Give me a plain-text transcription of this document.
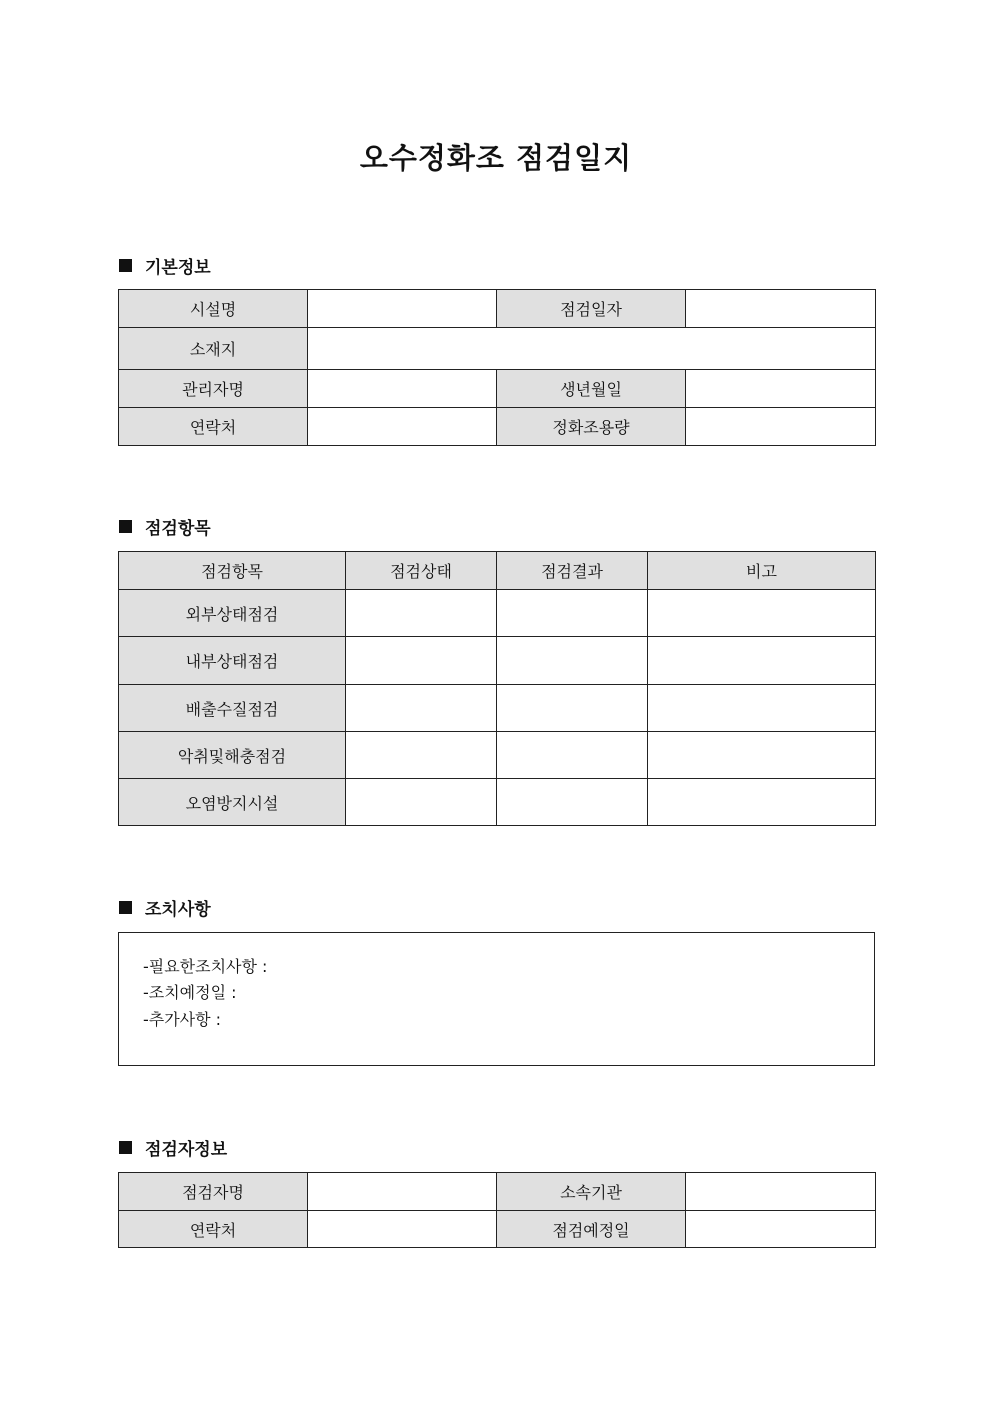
오수정화조 점검일지
기본정보
시설명		점검일자	
소재지			
관리자명		생년월일	
연락처		정화조용량	
점검항목
점검항목	점검상태	점검결과	비고
외부상태점검			
내부상태점검			
배출수질점검			
악취및해충점검			
오염방지시설			
조치사항
-필요한조치사항 :
-조치예정일 :
-추가사항 :
점검자정보
점검자명		소속기관	
연락처		점검예정일	
